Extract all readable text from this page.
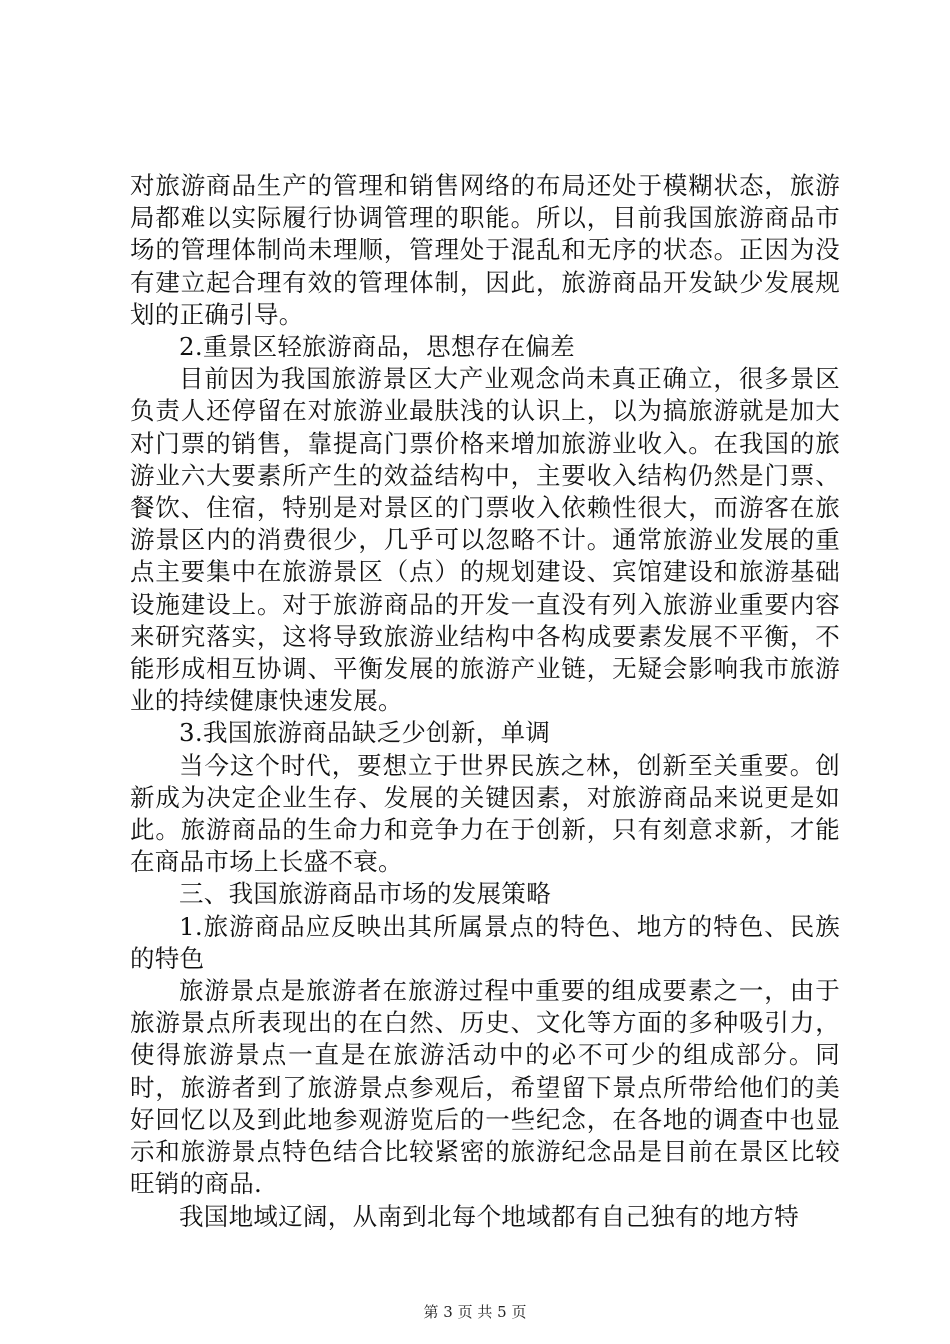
对旅游商品生产的管理和销售网络的布局还处于模糊状态，旅游局都难以实际履行协调管理的职能。所以，目前我国旅游商品市场的管理体制尚未理顺，管理处于混乱和无序的状态。正因为没有建立起合理有效的管理体制，因此，旅游商品开发缺少发展规划的正确引导。

2.重景区轻旅游商品，思想存在偏差

目前因为我国旅游景区大产业观念尚未真正确立，很多景区负责人还停留在对旅游业最肤浅的认识上，以为搞旅游就是加大对门票的销售，靠提高门票价格来增加旅游业收入。在我国的旅游业六大要素所产生的效益结构中，主要收入结构仍然是门票、餐饮、住宿，特别是对景区的门票收入依赖性很大，而游客在旅游景区内的消费很少，几乎可以忽略不计。通常旅游业发展的重点主要集中在旅游景区（点）的规划建设、宾馆建设和旅游基础设施建设上。对于旅游商品的开发一直没有列入旅游业重要内容来研究落实，这将导致旅游业结构中各构成要素发展不平衡，不能形成相互协调、平衡发展的旅游产业链，无疑会影响我市旅游业的持续健康快速发展。

3.我国旅游商品缺乏少创新，单调

当今这个时代，要想立于世界民族之林，创新至关重要。创新成为决定企业生存、发展的关键因素，对旅游商品来说更是如此。旅游商品的生命力和竞争力在于创新，只有刻意求新，才能在商品市场上长盛不衰。

三、我国旅游商品市场的发展策略

1.旅游商品应反映出其所属景点的特色、地方的特色、民族的特色

旅游景点是旅游者在旅游过程中重要的组成要素之一，由于旅游景点所表现出的在白然、历史、文化等方面的多种吸引力，使得旅游景点一直是在旅游活动中的必不可少的组成部分。同时，旅游者到了旅游景点参观后，希望留下景点所带给他们的美好回忆以及到此地参观游览后的一些纪念，在各地的调查中也显示和旅游景点特色结合比较紧密的旅游纪念品是目前在景区比较旺销的商品.

我国地域辽阔，从南到北每个地域都有自己独有的地方特

第 3 页 共 5 页
